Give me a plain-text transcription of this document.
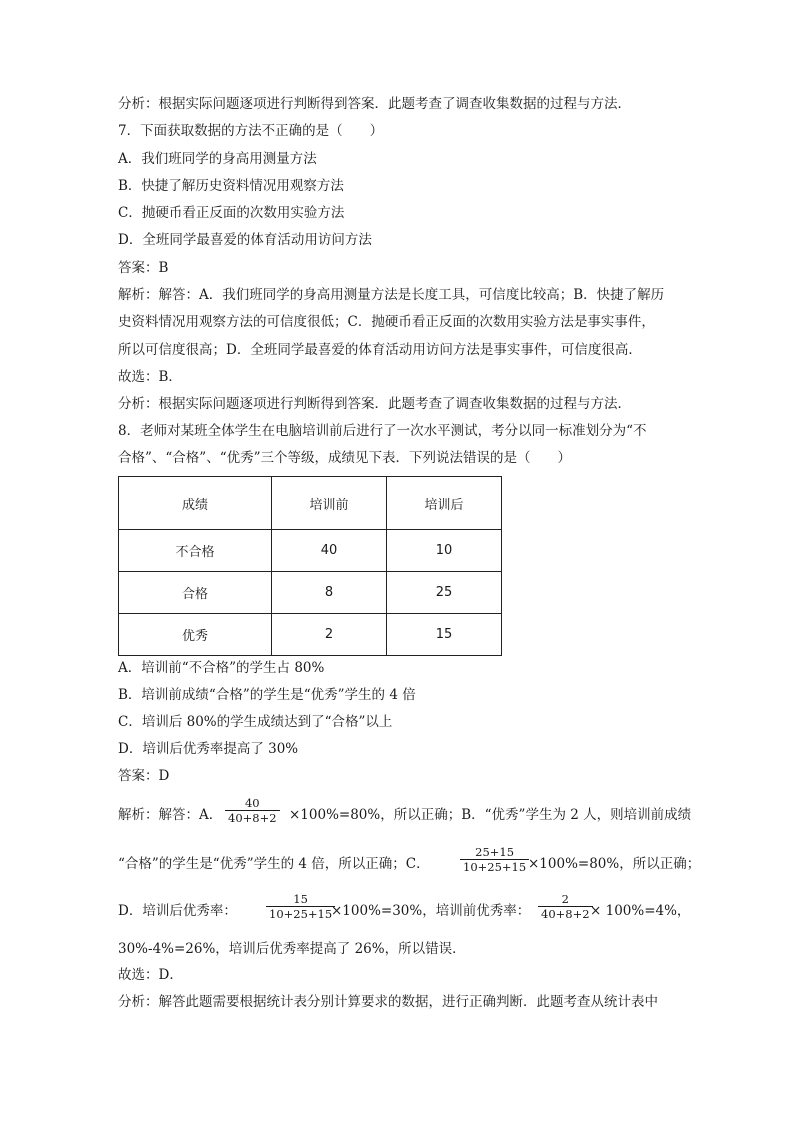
分析：根据实际问题逐项进行判断得到答案．此题考查了调查收集数据的过程与方法．
7．下面获取数据的方法不正确的是（　　）
A．我们班同学的身高用测量方法
B．快捷了解历史资料情况用观察方法
C．抛硬币看正反面的次数用实验方法
D．全班同学最喜爱的体育活动用访问方法
答案：B
解析：解答：A．我们班同学的身高用测量方法是长度工具，可信度比较高；B．快捷了解历
史资料情况用观察方法的可信度很低；C．抛硬币看正反面的次数用实验方法是事实事件，
所以可信度很高；D．全班同学最喜爱的体育活动用访问方法是事实事件，可信度很高．
故选：B．
分析：根据实际问题逐项进行判断得到答案．此题考查了调查收集数据的过程与方法．
8．老师对某班全体学生在电脑培训前后进行了一次水平测试，考分以同一标准划分为“不
合格”、“合格”、“优秀”三个等级，成绩见下表．下列说法错误的是（　　）
成绩	培训前	培训后
不合格	40	10
合格	8	25
优秀	2	15
A．培训前“不合格”的学生占 80%
B．培训前成绩“合格”的学生是“优秀”学生的 4 倍
C．培训后 80%的学生成绩达到了“合格”以上
D．培训后优秀率提高了 30%
答案：D
解析：解答：A．
40
40+8+2 ×100%=80%，所以正确；B．“优秀”学生为 2 人，则培训前成绩
“合格”的学生是“优秀”学生的 4 倍，所以正确；C．
25+15
10+25+15 ×100%=80%，所以正确；
D．培训后优秀率：
15
10+25+15
×100%=30%，培训前优秀率：
2
40+8+2 × 100%=4%，
30%-4%=26%，培训后优秀率提高了 26%，所以错误．
故选：D．
分析：解答此题需要根据统计表分别计算要求的数据，进行正确判断．此题考查从统计表中
